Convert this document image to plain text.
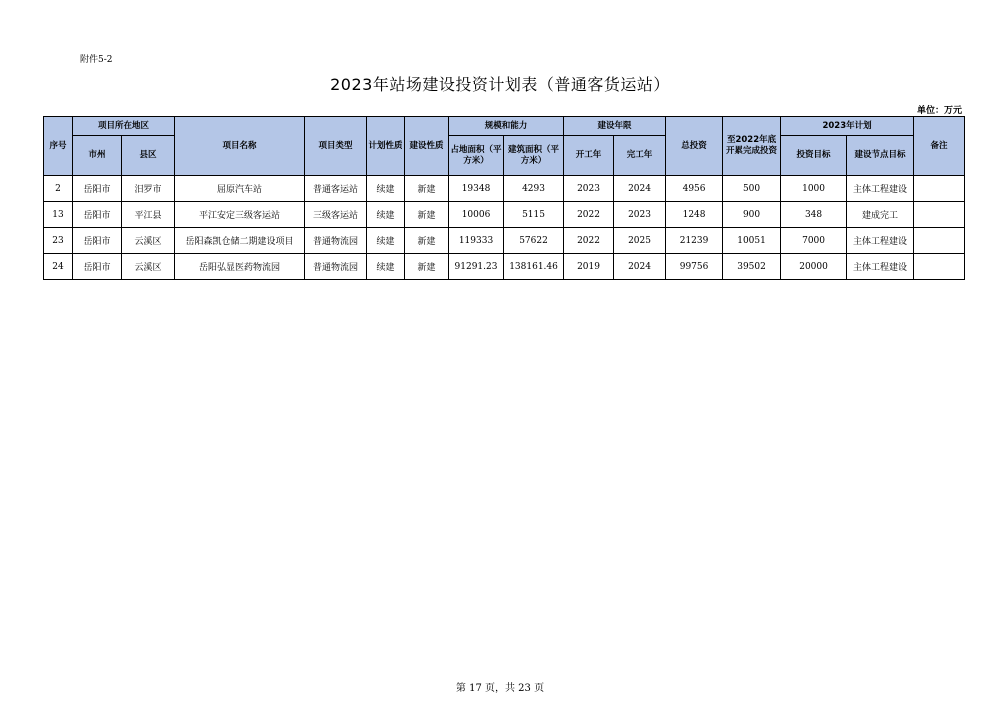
附件5-2
2023年站场建设投资计划表（普通客货运站）
单位：万元
序号	项目所在地区		项目名称	项目类型	计划性质	建设性质	规模和能力		建设年限		总投资	至2022年底开累完成投资	2023年计划		备注
	市州	县区					占地面积（平方米）	建筑面积（平方米）	开工年	完工年			投资目标	建设节点目标	
2	岳阳市	汨罗市	屈原汽车站	普通客运站	续建	新建	19348	4293	2023	2024	4956	500	1000	主体工程建设	
13	岳阳市	平江县	平江安定三级客运站	三级客运站	续建	新建	10006	5115	2022	2023	1248	900	348	建成完工	
23	岳阳市	云溪区	岳阳森凯仓储二期建设项目	普通物流园	续建	新建	119333	57622	2022	2025	21239	10051	7000	主体工程建设	
24	岳阳市	云溪区	岳阳弘显医药物流园	普通物流园	续建	新建	91291.23	138161.46	2019	2024	99756	39502	20000	主体工程建设	
第 17 页，共 23 页
